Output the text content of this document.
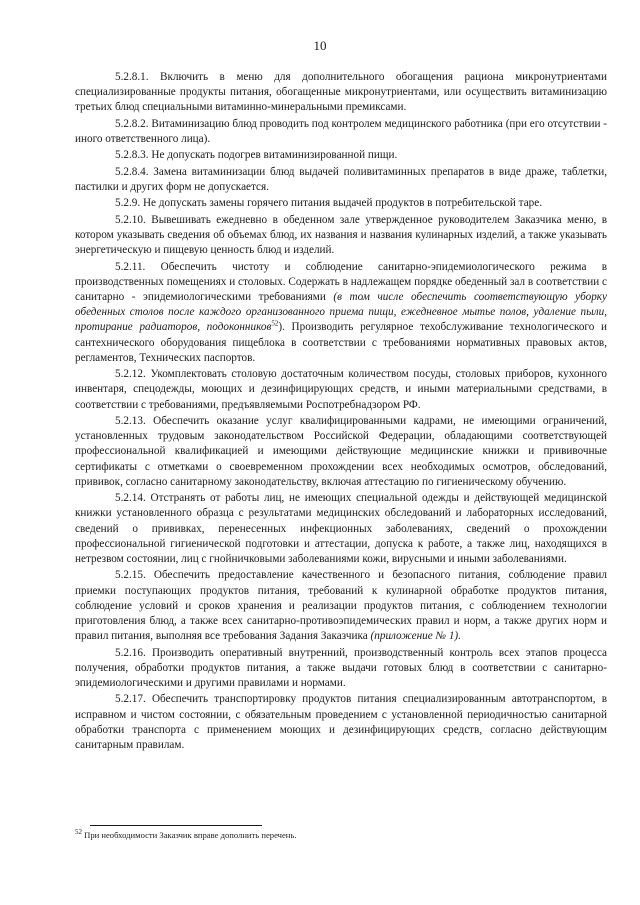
10

5.2.8.1. Включить в меню для дополнительного обогащения рациона микронутриентами специализированные продукты питания, обогащенные микронутриентами, или осуществить витаминизацию третьих блюд специальными витаминно-минеральными премиксами.

5.2.8.2. Витаминизацию блюд проводить под контролем медицинского работника (при его отсутствии - иного ответственного лица).

5.2.8.3. Не допускать подогрев витаминизированной пищи.

5.2.8.4. Замена витаминизации блюд выдачей поливитаминных препаратов в виде драже, таблетки, пастилки и других форм не допускается.

5.2.9. Не допускать замены горячего питания выдачей продуктов в потребительской таре.

5.2.10. Вывешивать ежедневно в обеденном зале утвержденное руководителем Заказчика меню, в котором указывать сведения об объемах блюд, их названия и названия кулинарных изделий, а также указывать энергетическую и пищевую ценность блюд и изделий.

5.2.11. Обеспечить чистоту и соблюдение санитарно-эпидемиологического режима в производственных помещениях и столовых. Содержать в надлежащем порядке обеденный зал в соответствии с санитарно - эпидемиологическими требованиями (в том числе обеспечить соответствующую уборку обеденных столов после каждого организованного приема пищи, ежедневное мытье полов, удаление пыли, протирание радиаторов, подоконников$^{52}$). Производить регулярное техобслуживание технологического и сантехнического оборудования пищеблока в соответствии с требованиями нормативных правовых актов, регламентов, Технических паспортов.

5.2.12. Укомплектовать столовую достаточным количеством посуды, столовых приборов, кухонного инвентаря, спецодежды, моющих и дезинфицирующих средств, и иными материальными средствами, в соответствии с требованиями, предъявляемыми Роспотребнадзором РФ.

5.2.13. Обеспечить оказание услуг квалифицированными кадрами, не имеющими ограничений, установленных трудовым законодательством Российской Федерации, обладающими соответствующей профессиональной квалификацией и имеющими действующие медицинские книжки и прививочные сертификаты с отметками о своевременном прохождении всех необходимых осмотров, обследований, прививок, согласно санитарному законодательству, включая аттестацию по гигиеническому обучению.

5.2.14. Отстранять от работы лиц, не имеющих специальной одежды и действующей медицинской книжки установленного образца с результатами медицинских обследований и лабораторных исследований, сведений о прививках, перенесенных инфекционных заболеваниях, сведений о прохождении профессиональной гигиенической подготовки и аттестации, допуска к работе, а также лиц, находящихся в нетрезвом состоянии, лиц с гнойничковыми заболеваниями кожи, вирусными и иными заболеваниями.

5.2.15. Обеспечить предоставление качественного и безопасного питания, соблюдение правил приемки поступающих продуктов питания, требований к кулинарной обработке продуктов питания, соблюдение условий и сроков хранения и реализации продуктов питания, с соблюдением технологии приготовления блюд, а также всех санитарно-противоэпидемических правил и норм, а также других норм и правил питания, выполняя все требования Задания Заказчика (приложение № 1).

5.2.16. Производить оперативный внутренний, производственный контроль всех этапов процесса получения, обработки продуктов питания, а также выдачи готовых блюд в соответствии с санитарно-эпидемиологическими и другими правилами и нормами.

5.2.17. Обеспечить транспортировку продуктов питания специализированным автотранспортом, в исправном и чистом состоянии, с обязательным проведением с установленной периодичностью санитарной обработки транспорта с применением моющих и дезинфицирующих средств, согласно действующим санитарным правилам.

$^{52}$ При необходимости Заказчик вправе дополнить перечень.
